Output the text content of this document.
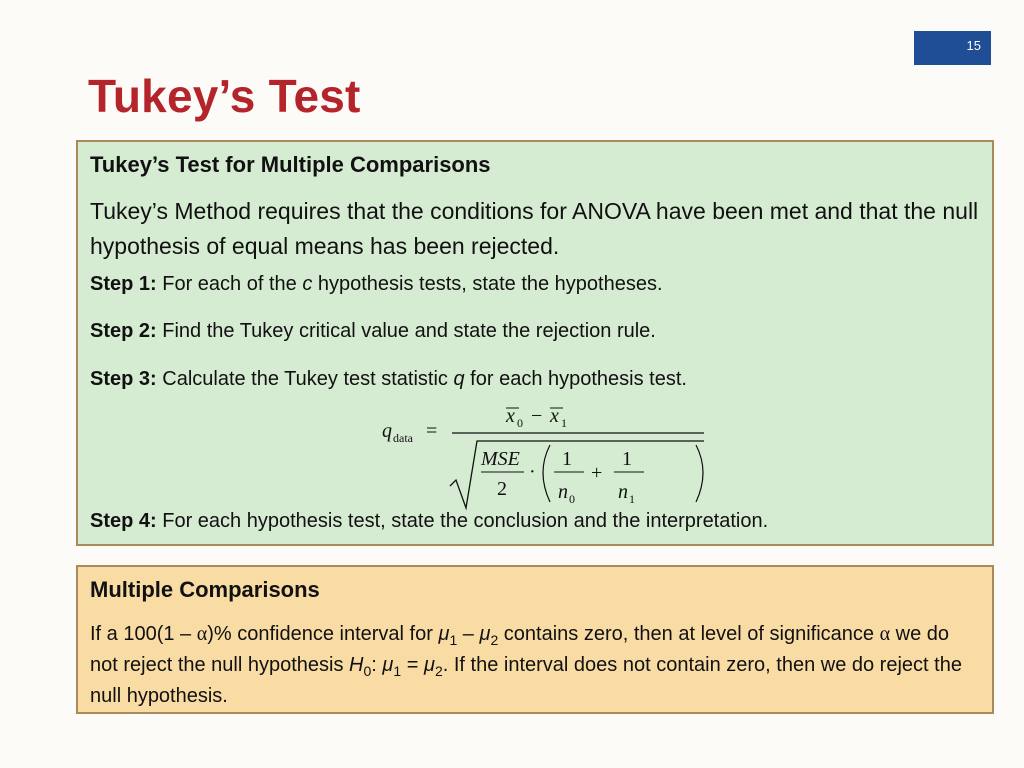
15
Tukey’s Test

Tukey’s Test for Multiple Comparisons

Tukey’s Method requires that the conditions for ANOVA have been met and that the null hypothesis of equal means has been rejected.

Step 1: For each of the c hypothesis tests, state the hypotheses.

Step 2: Find the Tukey critical value and state the rejection rule.

Step 3: Calculate the Tukey test statistic q for each hypothesis test.

q data =
x 0 − x 1
MSE
2
·
1
n 0
+
1
n 1

Step 4: For each hypothesis test, state the conclusion and the interpretation.

Multiple Comparisons

If a 100(1 – α)% confidence interval for $\mu_1 - \mu_2$ contains zero, then at level of significance α we do not reject the null hypothesis $H_0$: $\mu_1 = \mu_2$. If the interval does not contain zero, then we do reject the null hypothesis.
